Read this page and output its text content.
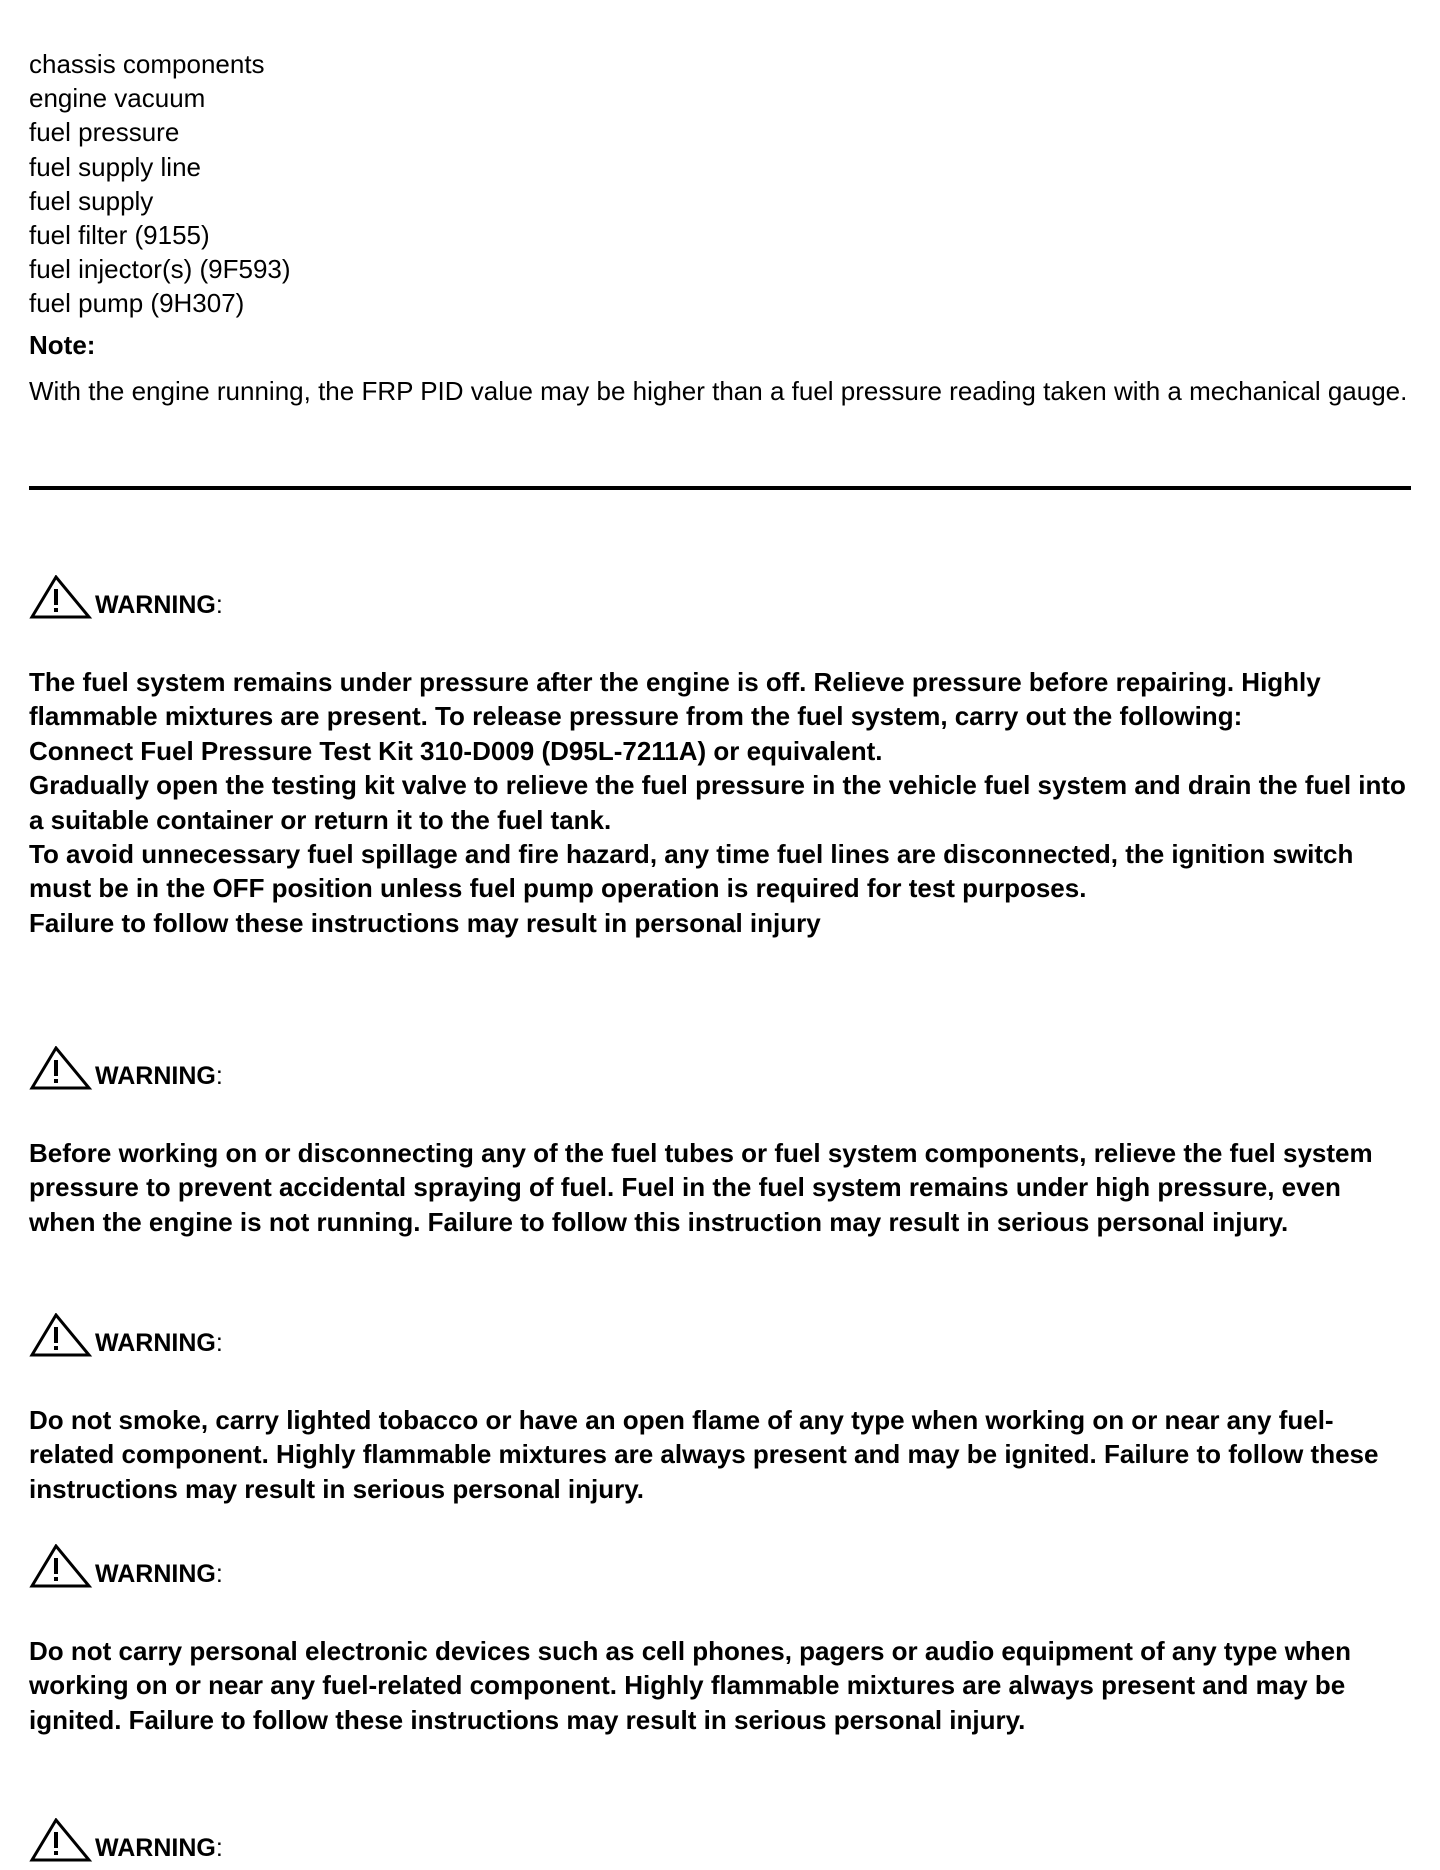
chassis components
engine vacuum
fuel pressure
fuel supply line
fuel supply
fuel filter (9155)
fuel injector(s) (9F593)
fuel pump (9H307)
Note:
With the engine running, the FRP PID value may be higher than a fuel pressure reading taken with a mechanical gauge.
WARNING:

The fuel system remains under pressure after the engine is off. Relieve pressure before repairing. Highly flammable mixtures are present. To release pressure from the fuel system, carry out the following:

Connect Fuel Pressure Test Kit 310-D009 (D95L-7211A) or equivalent.

Gradually open the testing kit valve to relieve the fuel pressure in the vehicle fuel system and drain the fuel into a suitable container or return it to the fuel tank.

To avoid unnecessary fuel spillage and fire hazard, any time fuel lines are disconnected, the ignition switch must be in the OFF position unless fuel pump operation is required for test purposes.

Failure to follow these instructions may result in personal injury

WARNING:

Before working on or disconnecting any of the fuel tubes or fuel system components, relieve the fuel system pressure to prevent accidental spraying of fuel. Fuel in the fuel system remains under high pressure, even when the engine is not running. Failure to follow this instruction may result in serious personal injury.

WARNING:

Do not smoke, carry lighted tobacco or have an open flame of any type when working on or near any fuel-related component. Highly flammable mixtures are always present and may be ignited. Failure to follow these instructions may result in serious personal injury.

WARNING:

Do not carry personal electronic devices such as cell phones, pagers or audio equipment of any type when working on or near any fuel-related component. Highly flammable mixtures are always present and may be ignited. Failure to follow these instructions may result in serious personal injury.

WARNING:
